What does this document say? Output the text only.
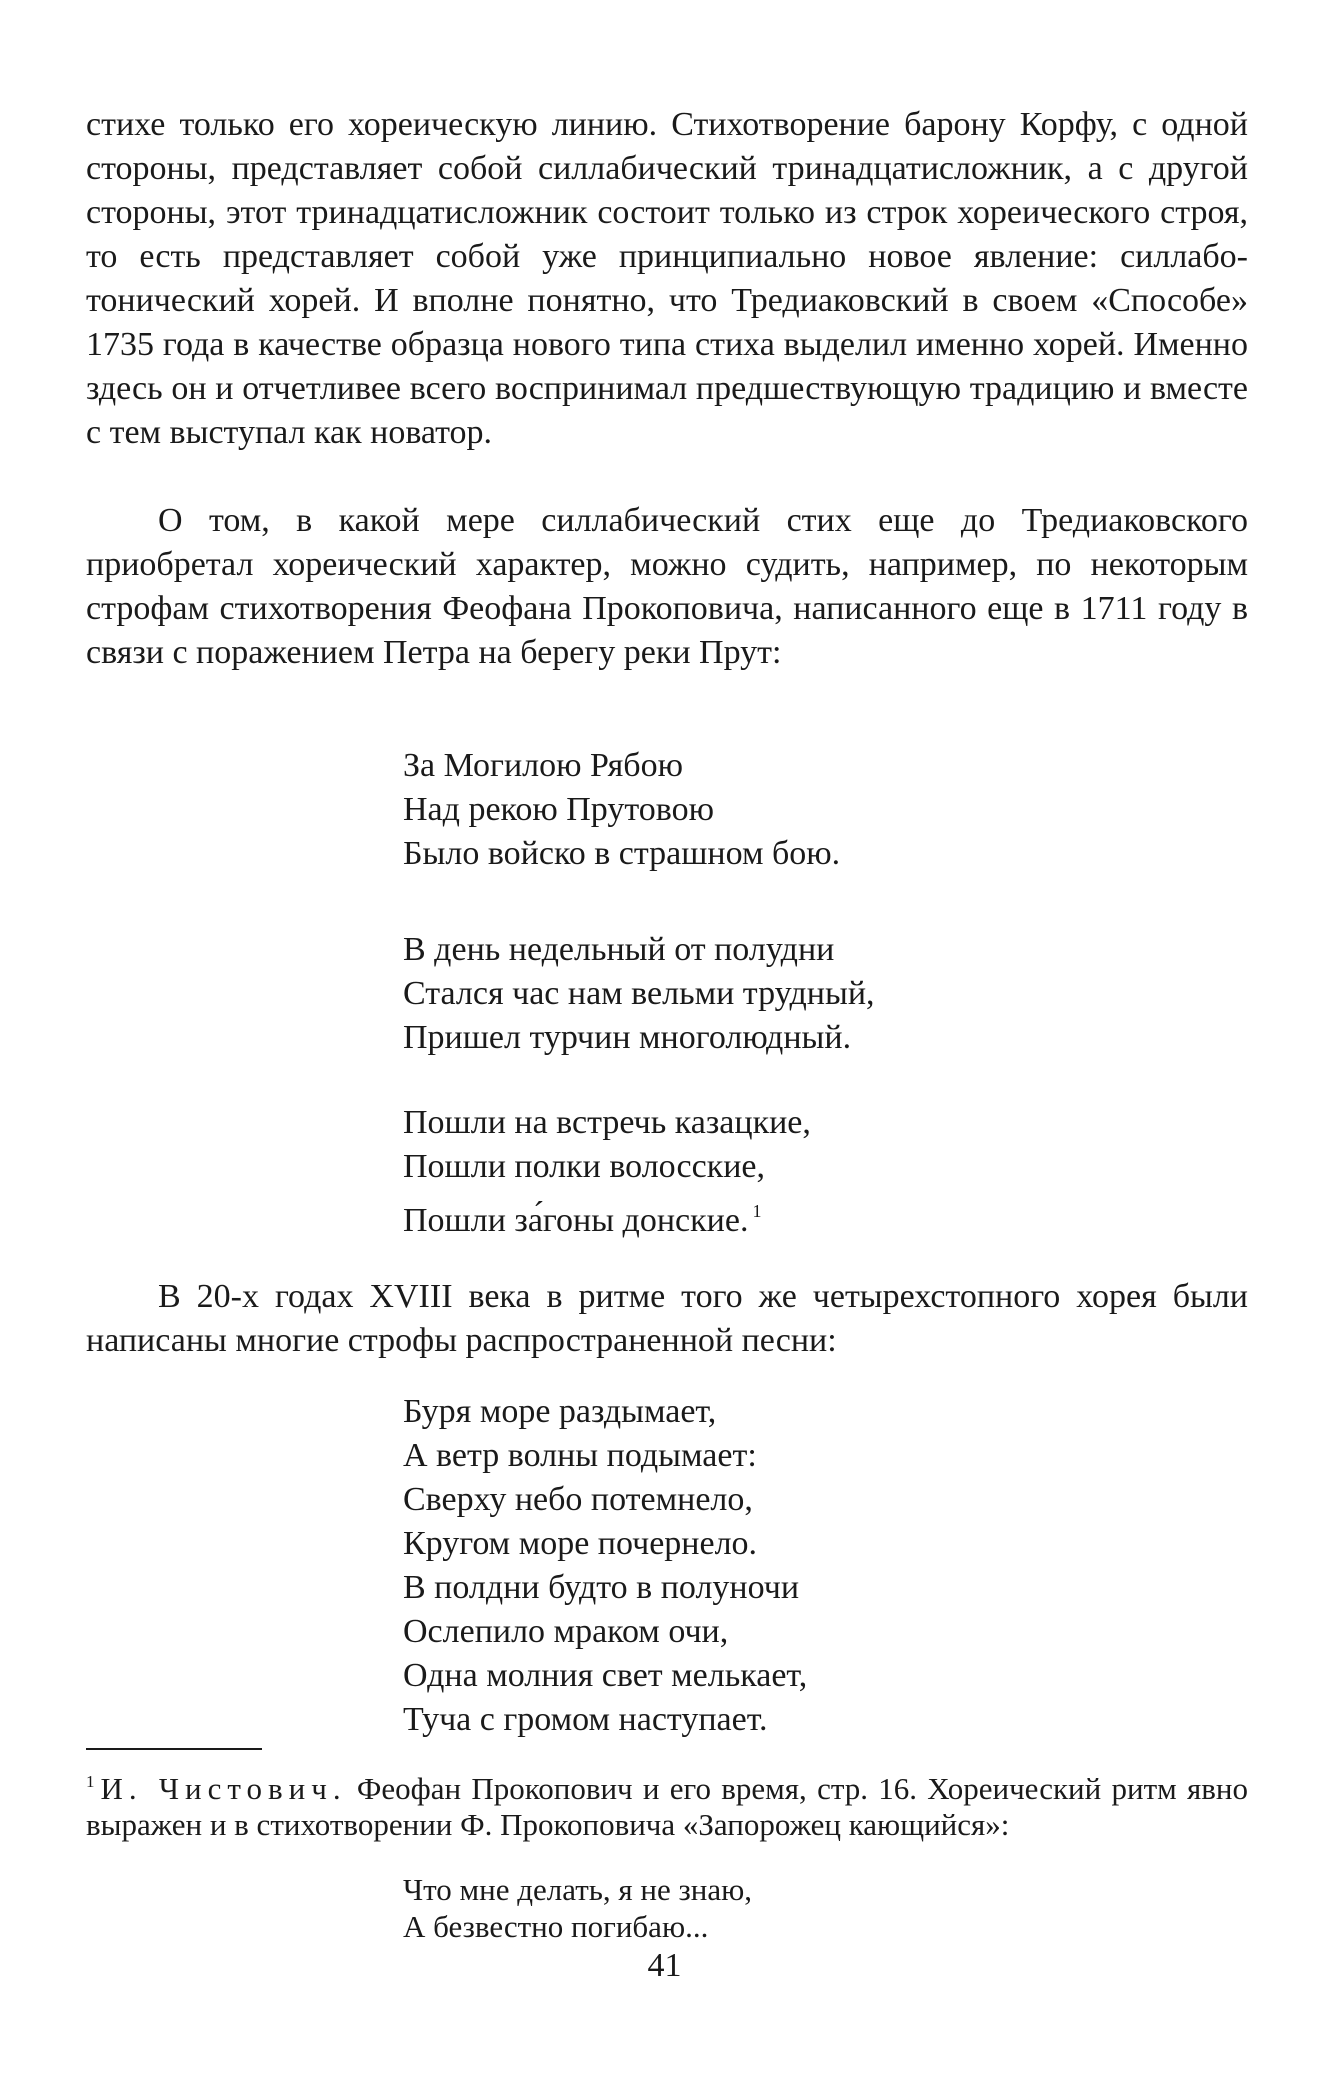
стихе только его хореическую линию. Стихотворение барону Корфу, с одной стороны, представляет собой силлабический тринадцатисложник, а с другой стороны, этот тринадцатисложник состоит только из строк хореического строя, то есть представляет собой уже принципиально новое явление: силлабо-тонический хорей. И вполне понятно, что Тредиаковский в своем «Способе» 1735 года в качестве образца нового типа стиха выделил именно хорей. Именно здесь он и отчетливее всего воспринимал предшествующую традицию и вместе с тем выступал как новатор.

О том, в какой мере силлабический стих еще до Тредиаковского приобретал хореический характер, можно судить, например, по некоторым строфам стихотворения Феофана Прокоповича, написанного еще в 1711 году в связи с поражением Петра на берегу реки Прут:

За Могилою Рябою
Над рекою Прутовою
Было войско в страшном бою.
В день недельный от полудни
Стался час нам вельми трудный,
Пришел турчин многолюдный.
Пошли на встречь казацкие,
Пошли полки волосские,
Пошли за́гоны донские. $^1$

В 20-х годах XVIII века в ритме того же четырехстопного хорея были написаны многие строфы распространенной песни:

Буря море раздымает,
А ветр волны подымает:
Сверху небо потемнело,
Кругом море почернело.
В полдни будто в полуночи
Ослепило мраком очи,
Одна молния свет мелькает,
Туча с громом наступает.

$^1$ И. Чистович. Феофан Прокопович и его время, стр. 16. Хореический ритм явно выражен и в стихотворении Ф. Прокоповича «Запорожец кающийся»:

Что мне делать, я не знаю,
А безвестно погибаю...
41
